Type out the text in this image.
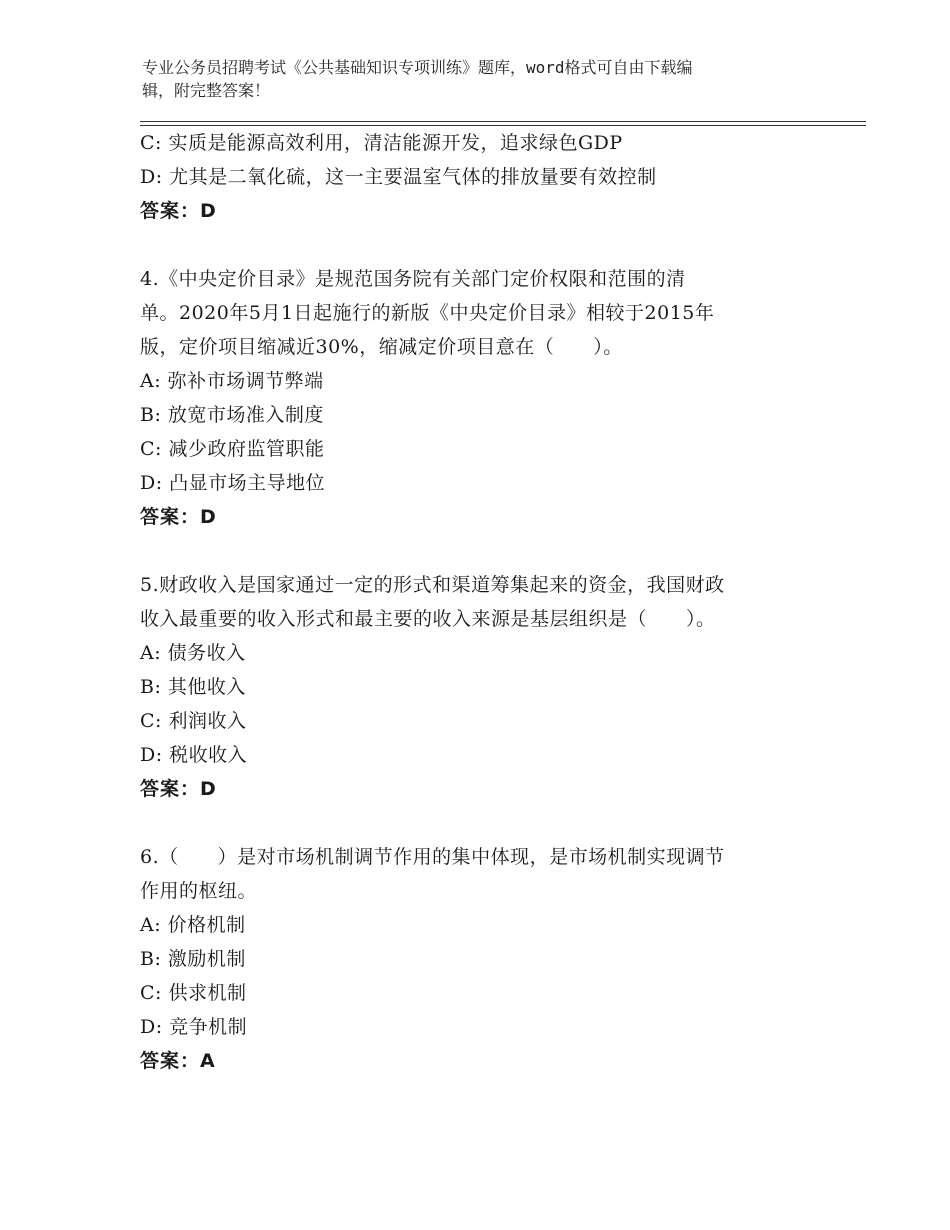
专业公务员招聘考试《公共基础知识专项训练》题库，word格式可自由下载编
辑，附完整答案！
C: 实质是能源高效利用，清洁能源开发，追求绿色GDP
D: 尤其是二氧化硫，这一主要温室气体的排放量要有效控制
答案：D
4.《中央定价目录》是规范国务院有关部门定价权限和范围的清
单。2020年5月1日起施行的新版《中央定价目录》相较于2015年
版，定价项目缩减近30%，缩减定价项目意在（　　）。
A: 弥补市场调节弊端
B: 放宽市场准入制度
C: 减少政府监管职能
D: 凸显市场主导地位
答案：D
5.财政收入是国家通过一定的形式和渠道筹集起来的资金，我国财政
收入最重要的收入形式和最主要的收入来源是基层组织是（　　）。
A: 债务收入
B: 其他收入
C: 利润收入
D: 税收收入
答案：D
6.（　　）是对市场机制调节作用的集中体现，是市场机制实现调节
作用的枢纽。
A: 价格机制
B: 激励机制
C: 供求机制
D: 竞争机制
答案：A
